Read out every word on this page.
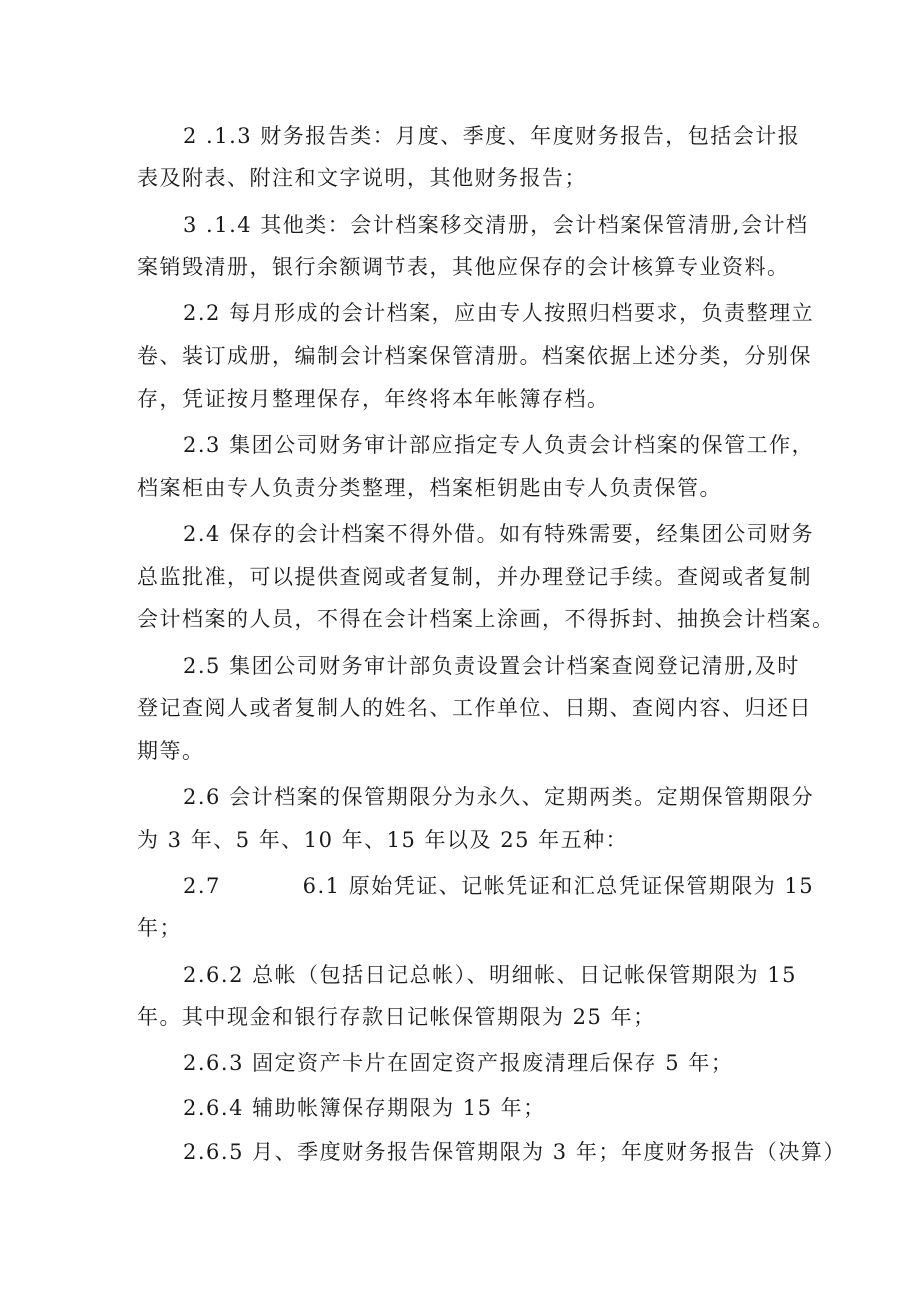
2 .1.3 财务报告类：月度、季度、年度财务报告，包括会计报
表及附表、附注和文字说明，其他财务报告；
3 .1.4 其他类：会计档案移交清册，会计档案保管清册,会计档
案销毁清册，银行余额调节表，其他应保存的会计核算专业资料。
2.2 每月形成的会计档案，应由专人按照归档要求，负责整理立
卷、装订成册，编制会计档案保管清册。档案依据上述分类，分别保
存，凭证按月整理保存，年终将本年帐簿存档。
2.3 集团公司财务审计部应指定专人负责会计档案的保管工作，
档案柜由专人负责分类整理，档案柜钥匙由专人负责保管。
2.4 保存的会计档案不得外借。如有特殊需要，经集团公司财务
总监批准，可以提供查阅或者复制，并办理登记手续。查阅或者复制
会计档案的人员，不得在会计档案上涂画，不得拆封、抽换会计档案。
2.5 集团公司财务审计部负责设置会计档案查阅登记清册,及时
登记查阅人或者复制人的姓名、工作单位、日期、查阅内容、归还日
期等。
2.6 会计档案的保管期限分为永久、定期两类。定期保管期限分
为 3 年、5 年、10 年、15 年以及 25 年五种：
2.7          6.1 原始凭证、记帐凭证和汇总凭证保管期限为 15
年；
2.6.2 总帐（包括日记总帐）、明细帐、日记帐保管期限为 15
年。其中现金和银行存款日记帐保管期限为 25 年；
2.6.3 固定资产卡片在固定资产报废清理后保存 5 年；
2.6.4 辅助帐簿保存期限为 15 年；
2.6.5 月、季度财务报告保管期限为 3 年；年度财务报告（决算）
